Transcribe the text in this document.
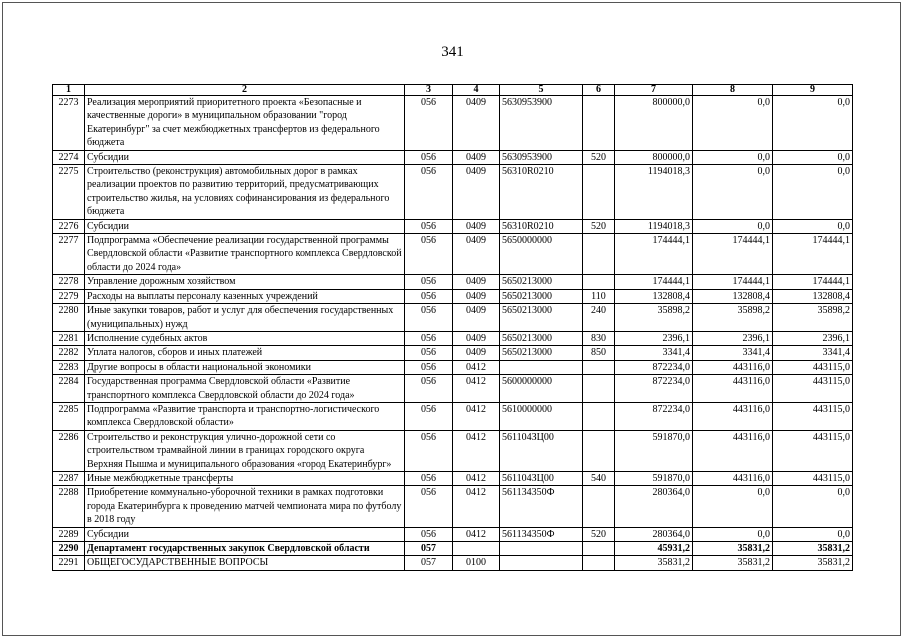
341
1	2	3	4	5	6	7	8	9
2273	Реализация мероприятий приоритетного проекта «Безопасные и качественные дороги» в муниципальном образовании "город Екатеринбург" за счет межбюджетных трансфертов из федерального бюджета	056	0409	5630953900		800000,0	0,0	0,0
2274	Субсидии	056	0409	5630953900	520	800000,0	0,0	0,0
2275	Строительство (реконструкция) автомобильных дорог в рамках реализации проектов по развитию территорий, предусматривающих строительство жилья, на условиях софинансирования из федерального бюджета	056	0409	56310R0210		1194018,3	0,0	0,0
2276	Субсидии	056	0409	56310R0210	520	1194018,3	0,0	0,0
2277	Подпрограмма «Обеспечение реализации государственной программы Свердловской области «Развитие транспортного комплекса Свердловской области до 2024 года»	056	0409	5650000000		174444,1	174444,1	174444,1
2278	Управление дорожным хозяйством	056	0409	5650213000		174444,1	174444,1	174444,1
2279	Расходы на выплаты персоналу казенных учреждений	056	0409	5650213000	110	132808,4	132808,4	132808,4
2280	Иные закупки товаров, работ и услуг для обеспечения государственных (муниципальных) нужд	056	0409	5650213000	240	35898,2	35898,2	35898,2
2281	Исполнение судебных актов	056	0409	5650213000	830	2396,1	2396,1	2396,1
2282	Уплата налогов, сборов и иных платежей	056	0409	5650213000	850	3341,4	3341,4	3341,4
2283	Другие вопросы в области национальной экономики	056	0412			872234,0	443116,0	443115,0
2284	Государственная программа Свердловской области «Развитие транспортного комплекса Свердловской области до 2024 года»	056	0412	5600000000		872234,0	443116,0	443115,0
2285	Подпрограмма «Развитие транспорта и транспортно-логистического комплекса Свердловской области»	056	0412	5610000000		872234,0	443116,0	443115,0
2286	Строительство и реконструкция улично-дорожной сети со строительством трамвайной линии в границах городского округа Верхняя Пышма и муниципального образования «город Екатеринбург»	056	0412	561104ЗЦ00		591870,0	443116,0	443115,0
2287	Иные межбюджетные трансферты	056	0412	561104ЗЦ00	540	591870,0	443116,0	443115,0
2288	Приобретение коммунально-уборочной техники в рамках подготовки города Екатеринбурга к проведению матчей чемпионата мира по футболу в 2018 году	056	0412	561134350Ф		280364,0	0,0	0,0
2289	Субсидии	056	0412	561134350Ф	520	280364,0	0,0	0,0
2290	Департамент государственных закупок Свердловской области	057				45931,2	35831,2	35831,2
2291	ОБЩЕГОСУДАРСТВЕННЫЕ ВОПРОСЫ	057	0100			35831,2	35831,2	35831,2
